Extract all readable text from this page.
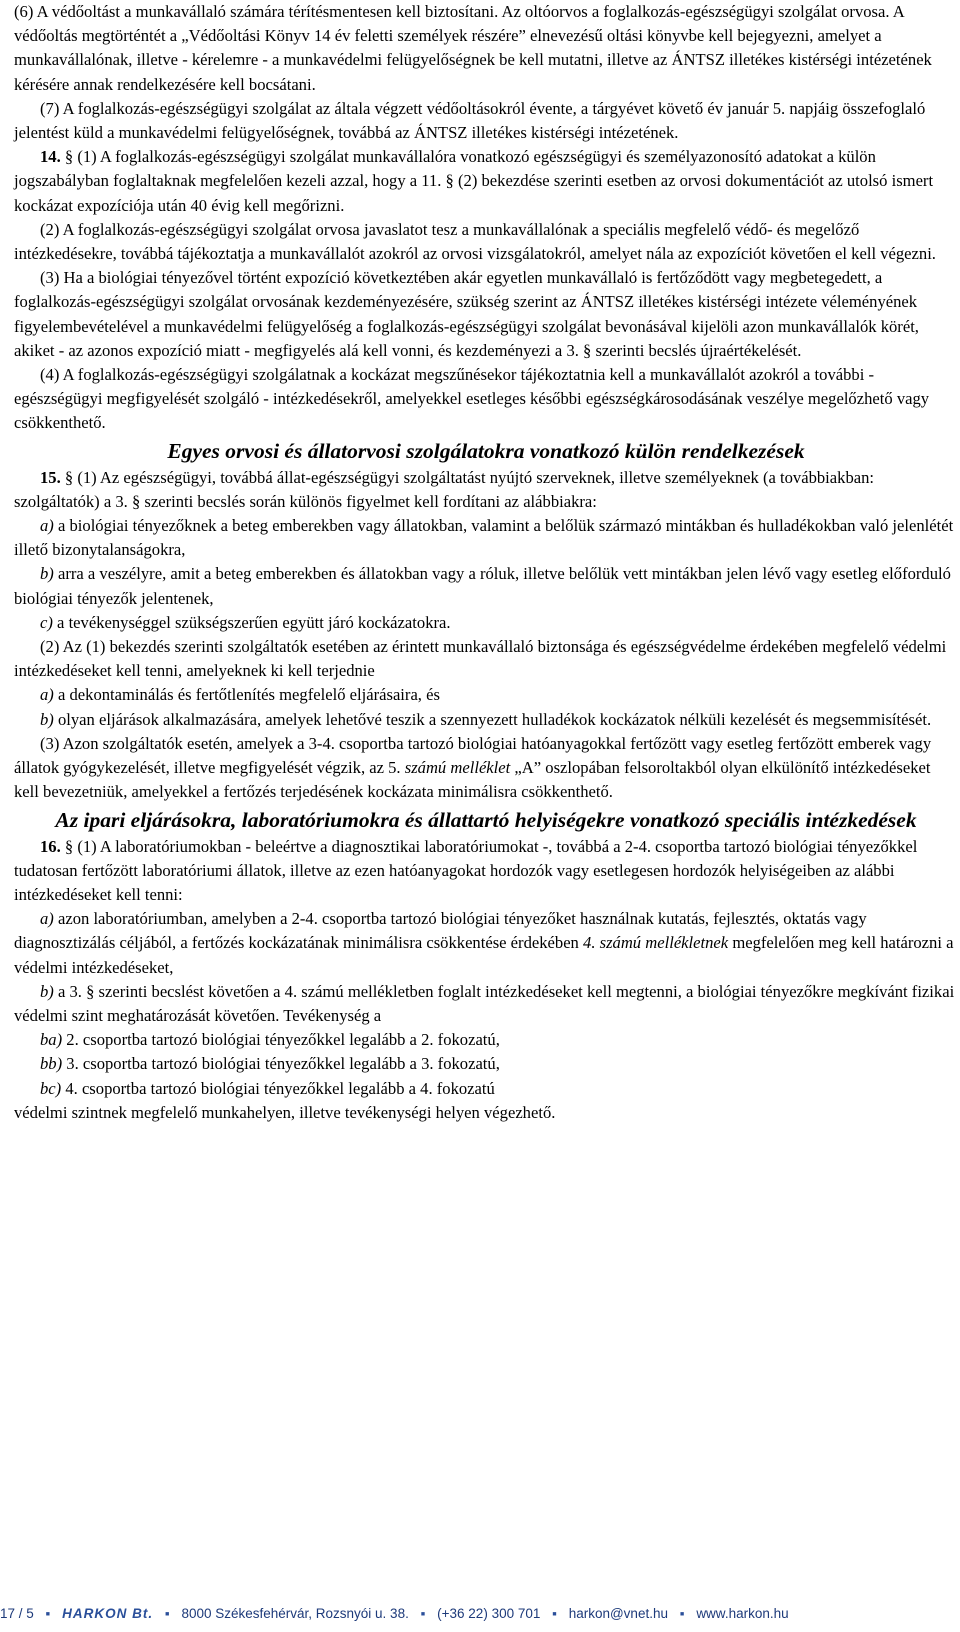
(6) A védőoltást a munkavállaló számára térítésmentesen kell biztosítani. Az oltóorvos a foglalkozás-egészségügyi szolgálat orvosa. A védőoltás megtörténtét a „Védőoltási Könyv 14 év feletti személyek részére” elnevezésű oltási könyvbe kell bejegyezni, amelyet a munkavállalónak, illetve - kérelemre - a munkavédelmi felügyelőségnek be kell mutatni, illetve az ÁNTSZ illetékes kistérségi intézetének kérésére annak rendelkezésére kell bocsátani.

(7) A foglalkozás-egészségügyi szolgálat az általa végzett védőoltásokról évente, a tárgyévet követő év január 5. napjáig összefoglaló jelentést küld a munkavédelmi felügyelőségnek, továbbá az ÁNTSZ illetékes kistérségi intézetének.

14. § (1) A foglalkozás-egészségügyi szolgálat munkavállalóra vonatkozó egészségügyi és személyazonosító adatokat a külön jogszabályban foglaltaknak megfelelően kezeli azzal, hogy a 11. § (2) bekezdése szerinti esetben az orvosi dokumentációt az utolsó ismert kockázat expozíciója után 40 évig kell megőrizni.

(2) A foglalkozás-egészségügyi szolgálat orvosa javaslatot tesz a munkavállalónak a speciális megfelelő védő- és megelőző intézkedésekre, továbbá tájékoztatja a munkavállalót azokról az orvosi vizsgálatokról, amelyet nála az expozíciót követően el kell végezni.

(3) Ha a biológiai tényezővel történt expozíció következtében akár egyetlen munkavállaló is fertőződött vagy megbetegedett, a foglalkozás-egészségügyi szolgálat orvosának kezdeményezésére, szükség szerint az ÁNTSZ illetékes kistérségi intézete véleményének figyelembevételével a munkavédelmi felügyelőség a foglalkozás-egészségügyi szolgálat bevonásával kijelöli azon munkavállalók körét, akiket - az azonos expozíció miatt - megfigyelés alá kell vonni, és kezdeményezi a 3. § szerinti becslés újraértékelését.

(4) A foglalkozás-egészségügyi szolgálatnak a kockázat megszűnésekor tájékoztatnia kell a munkavállalót azokról a további - egészségügyi megfigyelését szolgáló - intézkedésekről, amelyekkel esetleges későbbi egészségkárosodásának veszélye megelőzhető vagy csökkenthető.

Egyes orvosi és állatorvosi szolgálatokra vonatkozó külön rendelkezések

15. § (1) Az egészségügyi, továbbá állat-egészségügyi szolgáltatást nyújtó szerveknek, illetve személyeknek (a továbbiakban: szolgáltatók) a 3. § szerinti becslés során különös figyelmet kell fordítani az alábbiakra:

a) a biológiai tényezőknek a beteg emberekben vagy állatokban, valamint a belőlük származó mintákban és hulladékokban való jelenlétét illető bizonytalanságokra,

b) arra a veszélyre, amit a beteg emberekben és állatokban vagy a róluk, illetve belőlük vett mintákban jelen lévő vagy esetleg előforduló biológiai tényezők jelentenek,

c) a tevékenységgel szükségszerűen együtt járó kockázatokra.

(2) Az (1) bekezdés szerinti szolgáltatók esetében az érintett munkavállaló biztonsága és egészségvédelme érdekében megfelelő védelmi intézkedéseket kell tenni, amelyeknek ki kell terjednie

a) a dekontaminálás és fertőtlenítés megfelelő eljárásaira, és

b) olyan eljárások alkalmazására, amelyek lehetővé teszik a szennyezett hulladékok kockázatok nélküli kezelését és megsemmisítését.

(3) Azon szolgáltatók esetén, amelyek a 3-4. csoportba tartozó biológiai hatóanyagokkal fertőzött vagy esetleg fertőzött emberek vagy állatok gyógykezelését, illetve megfigyelését végzik, az 5. számú melléklet „A” oszlopában felsoroltakból olyan elkülönítő intézkedéseket kell bevezetniük, amelyekkel a fertőzés terjedésének kockázata minimálisra csökkenthető.

Az ipari eljárásokra, laboratóriumokra és állattartó helyiségekre vonatkozó speciális intézkedések

16. § (1) A laboratóriumokban - beleértve a diagnosztikai laboratóriumokat -, továbbá a 2-4. csoportba tartozó biológiai tényezőkkel tudatosan fertőzött laboratóriumi állatok, illetve az ezen hatóanyagokat hordozók vagy esetlegesen hordozók helyiségeiben az alábbi intézkedéseket kell tenni:

a) azon laboratóriumban, amelyben a 2-4. csoportba tartozó biológiai tényezőket használnak kutatás, fejlesztés, oktatás vagy diagnosztizálás céljából, a fertőzés kockázatának minimálisra csökkentése érdekében 4. számú mellékletnek megfelelően meg kell határozni a védelmi intézkedéseket,

b) a 3. § szerinti becslést követően a 4. számú mellékletben foglalt intézkedéseket kell megtenni, a biológiai tényezőkre megkívánt fizikai védelmi szint meghatározását követően. Tevékenység a

ba) 2. csoportba tartozó biológiai tényezőkkel legalább a 2. fokozatú,

bb) 3. csoportba tartozó biológiai tényezőkkel legalább a 3. fokozatú,

bc) 4. csoportba tartozó biológiai tényezőkkel legalább a 4. fokozatú

védelmi szintnek megfelelő munkahelyen, illetve tevékenységi helyen végezhető.

17 / 5 ▪ HARKON Bt. ▪ 8000 Székesfehérvár, Rozsnyói u. 38. ▪ (+36 22) 300 701 ▪ harkon@vnet.hu ▪ www.harkon.hu
